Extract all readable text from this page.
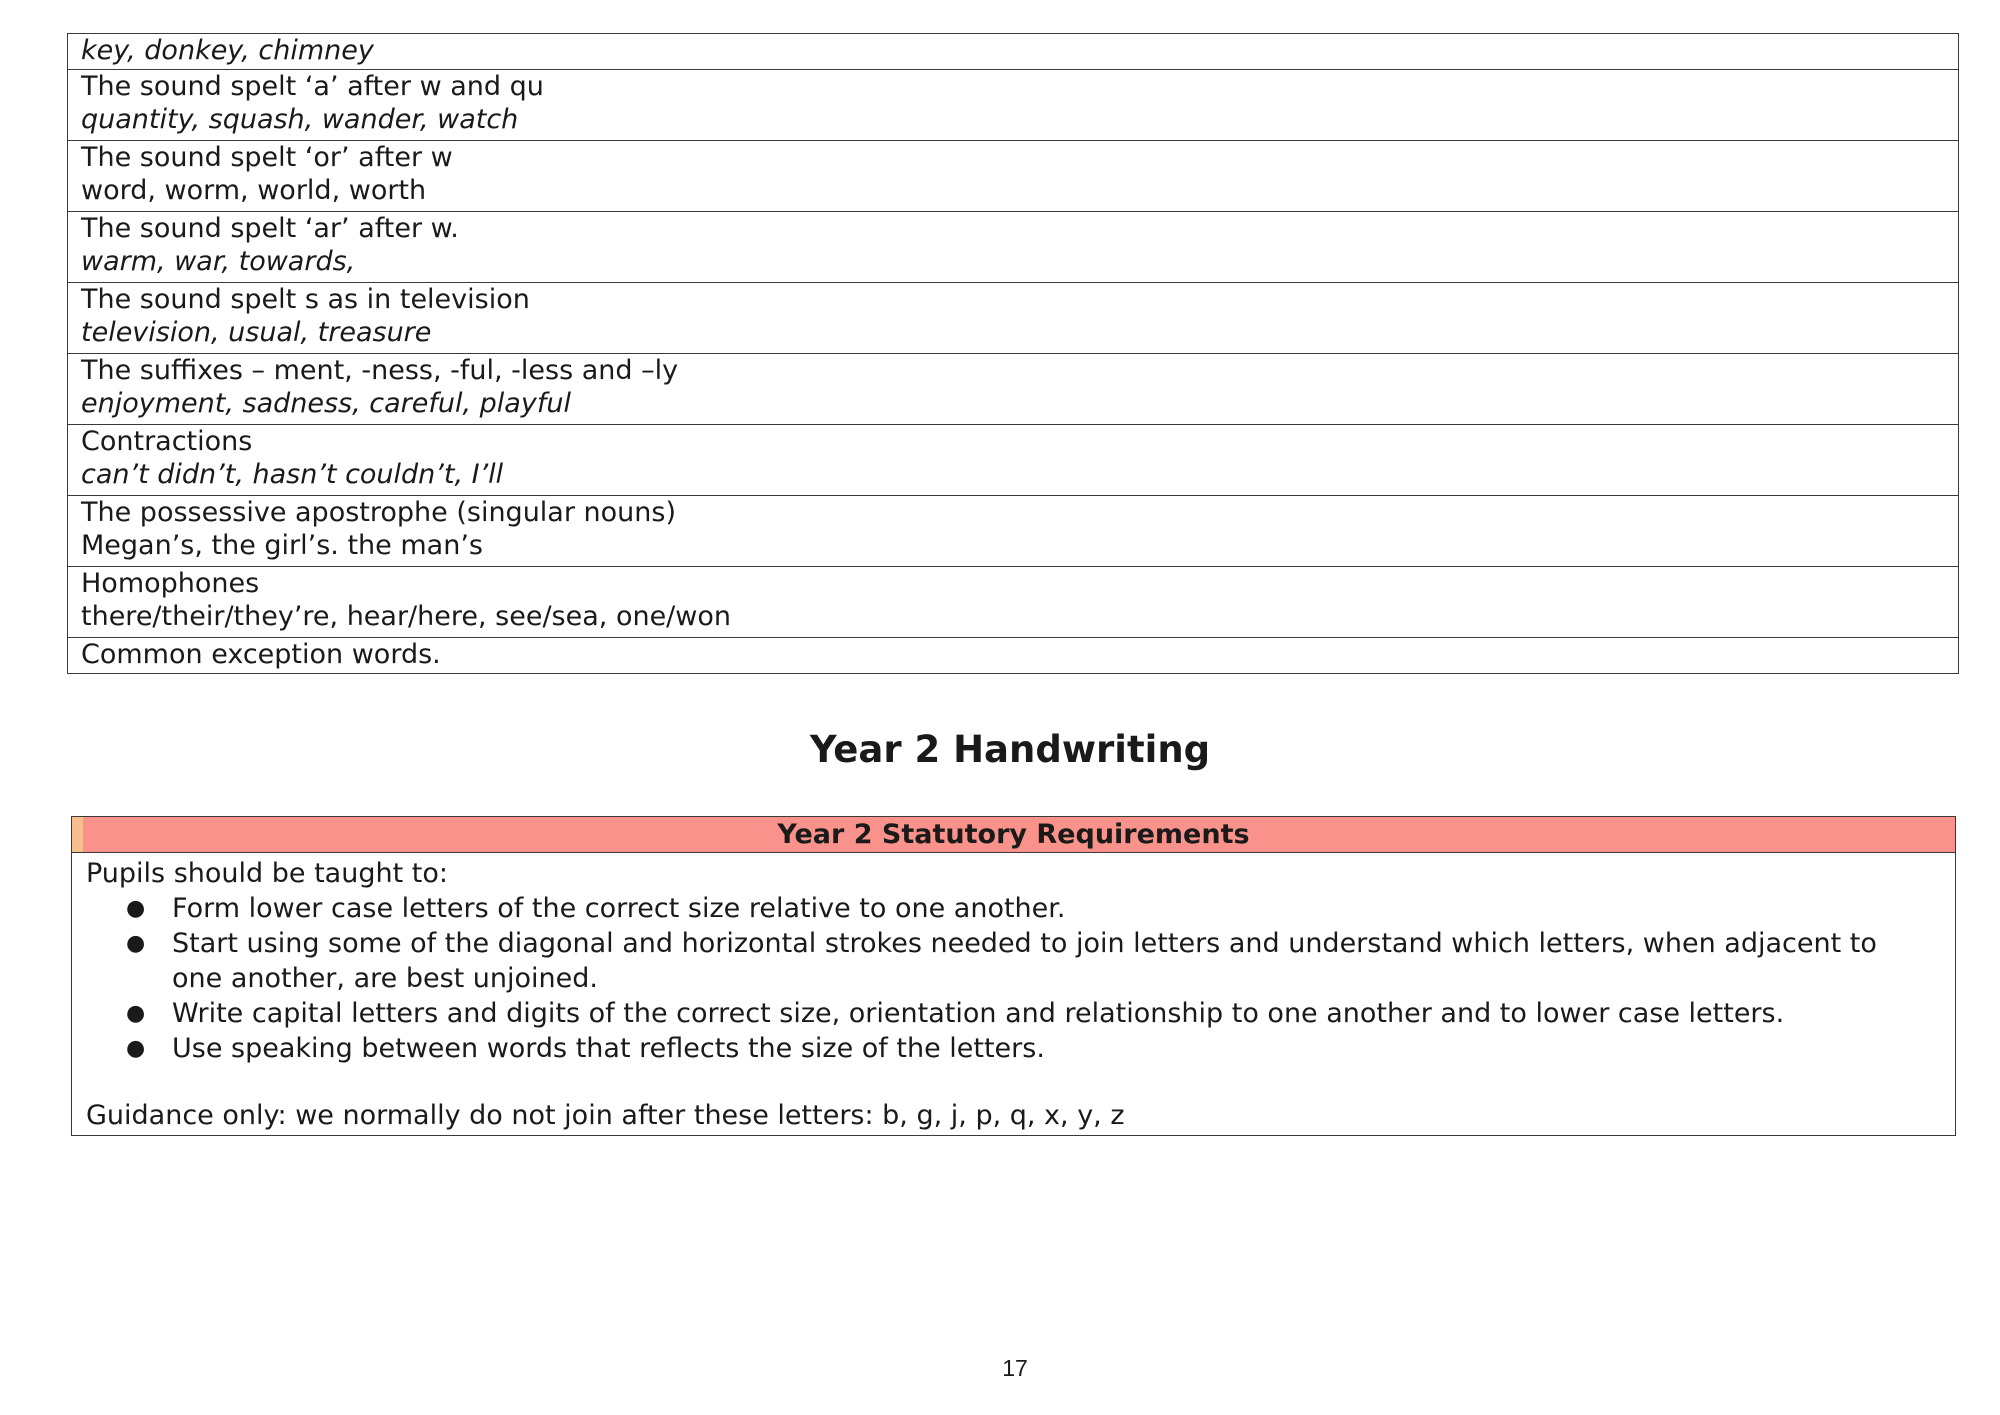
key, donkey, chimney

The sound spelt ‘a’ after w and qu
quantity, squash, wander, watch

The sound spelt ‘or’ after w
word, worm, world, worth

The sound spelt ‘ar’ after w.
warm, war, towards,

The sound spelt s as in television
television, usual, treasure

The suffixes – ment, -ness, -ful, -less and –ly
enjoyment, sadness, careful, playful

Contractions
can’t didn’t, hasn’t couldn’t, I’ll

The possessive apostrophe (singular nouns)
Megan’s, the girl’s. the man’s

Homophones
there/their/they’re, hear/here, see/sea, one/won

Common exception words.
Year 2 Handwriting
Year 2 Statutory Requirements
Pupils should be taught to:
● Form lower case letters of the correct size relative to one another.
● Start using some of the diagonal and horizontal strokes needed to join letters and understand which letters, when adjacent to
one another, are best unjoined.
● Write capital letters and digits of the correct size, orientation and relationship to one another and to lower case letters.
● Use speaking between words that reflects the size of the letters.
Guidance only: we normally do not join after these letters: b, g, j, p, q, x, y, z
17
